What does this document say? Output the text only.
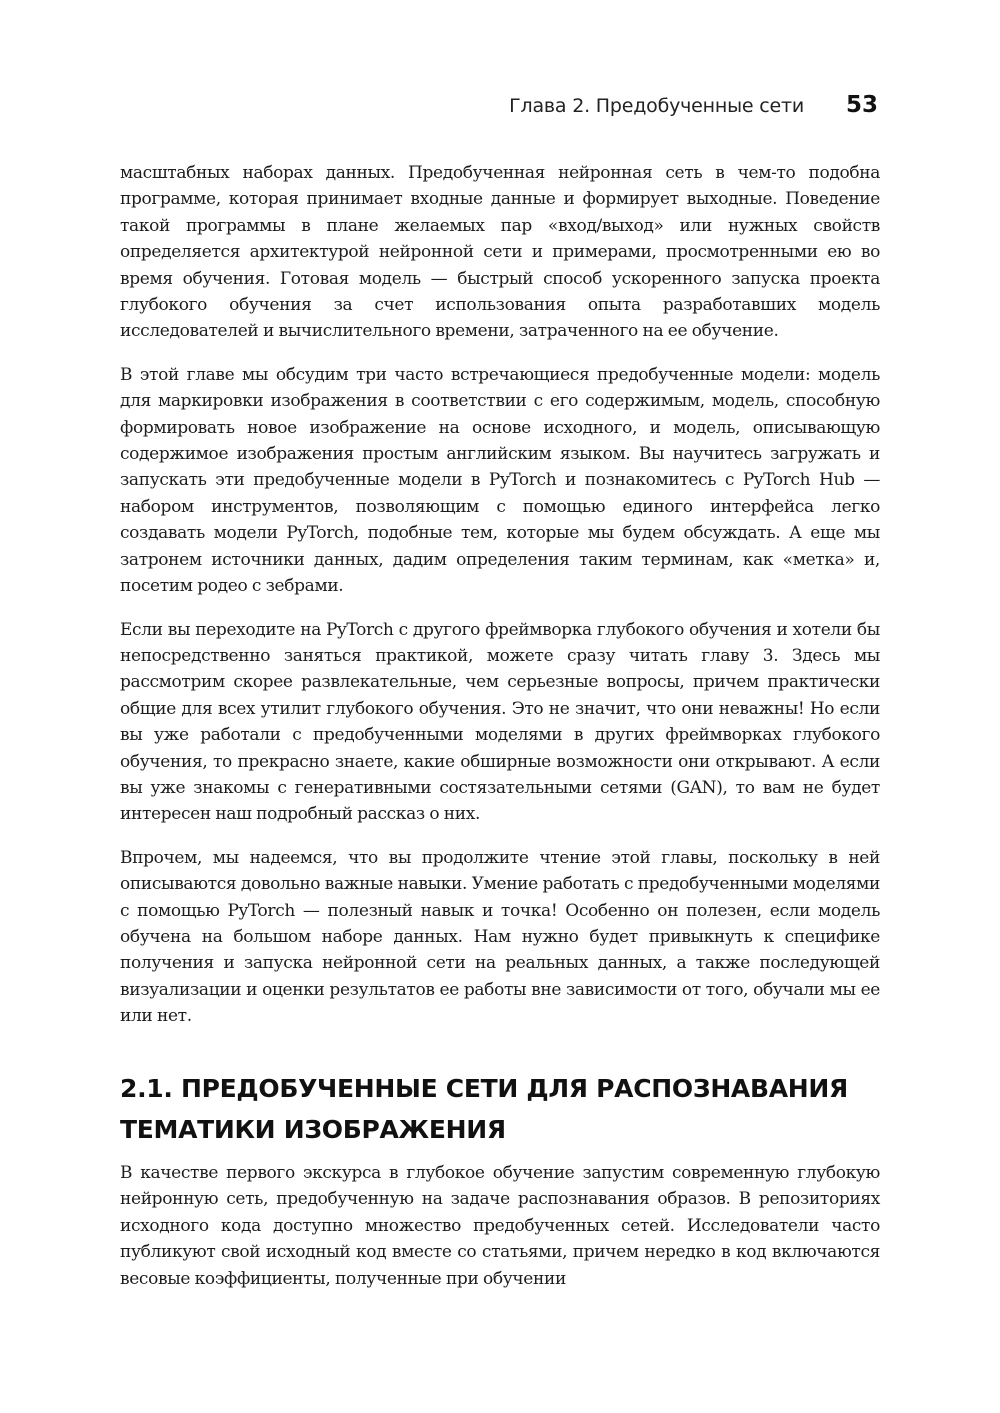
Глава 2. Предобученные сети 53

масштабных наборах данных. Предобученная нейронная сеть в чем-то подобна программе, которая принимает входные данные и формирует выходные. Поведение такой программы в плане желаемых пар «вход/выход» или нужных свойств определяется архитектурой нейронной сети и примерами, просмотренными ею во время обучения. Готовая модель — быстрый способ ускоренного запуска проекта глубокого обучения за счет использования опыта разработавших модель исследователей и вычислительного времени, затраченного на ее обучение.

В этой главе мы обсудим три часто встречающиеся предобученные модели: модель для маркировки изображения в соответствии с его содержимым, модель, способную формировать новое изображение на основе исходного, и модель, описывающую содержимое изображения простым английским языком. Вы научитесь загружать и запускать эти предобученные модели в PyTorch и познакомитесь с PyTorch Hub — набором инструментов, позволяющим с помощью единого интерфейса легко создавать модели PyTorch, подобные тем, которые мы будем обсуждать. А еще мы затронем источники данных, дадим определения таким терминам, как «метка» и, посетим родео с зебрами.

Если вы переходите на PyTorch с другого фреймворка глубокого обучения и хотели бы непосредственно заняться практикой, можете сразу читать главу 3. Здесь мы рассмотрим скорее развлекательные, чем серьезные вопросы, причем практически общие для всех утилит глубокого обучения. Это не значит, что они неважны! Но если вы уже работали с предобученными моделями в других фреймворках глубокого обучения, то прекрасно знаете, какие обширные возможности они открывают. А если вы уже знакомы с генеративными состязательными сетями (GAN), то вам не будет интересен наш подробный рассказ о них.

Впрочем, мы надеемся, что вы продолжите чтение этой главы, поскольку в ней описываются довольно важные навыки. Умение работать с предобученными моделями с помощью PyTorch — полезный навык и точка! Особенно он полезен, если модель обучена на большом наборе данных. Нам нужно будет привыкнуть к специфике получения и запуска нейронной сети на реальных данных, а также последующей визуализации и оценки результатов ее работы вне зависимости от того, обучали мы ее или нет.

2.1. ПРЕДОБУЧЕННЫЕ СЕТИ ДЛЯ РАСПОЗНАВАНИЯ
ТЕМАТИКИ ИЗОБРАЖЕНИЯ

В качестве первого экскурса в глубокое обучение запустим современную глубокую нейронную сеть, предобученную на задаче распознавания образов. В репозиториях исходного кода доступно множество предобученных сетей. Исследователи часто публикуют свой исходный код вместе со статьями, причем нередко в код включаются весовые коэффициенты, полученные при обучении
